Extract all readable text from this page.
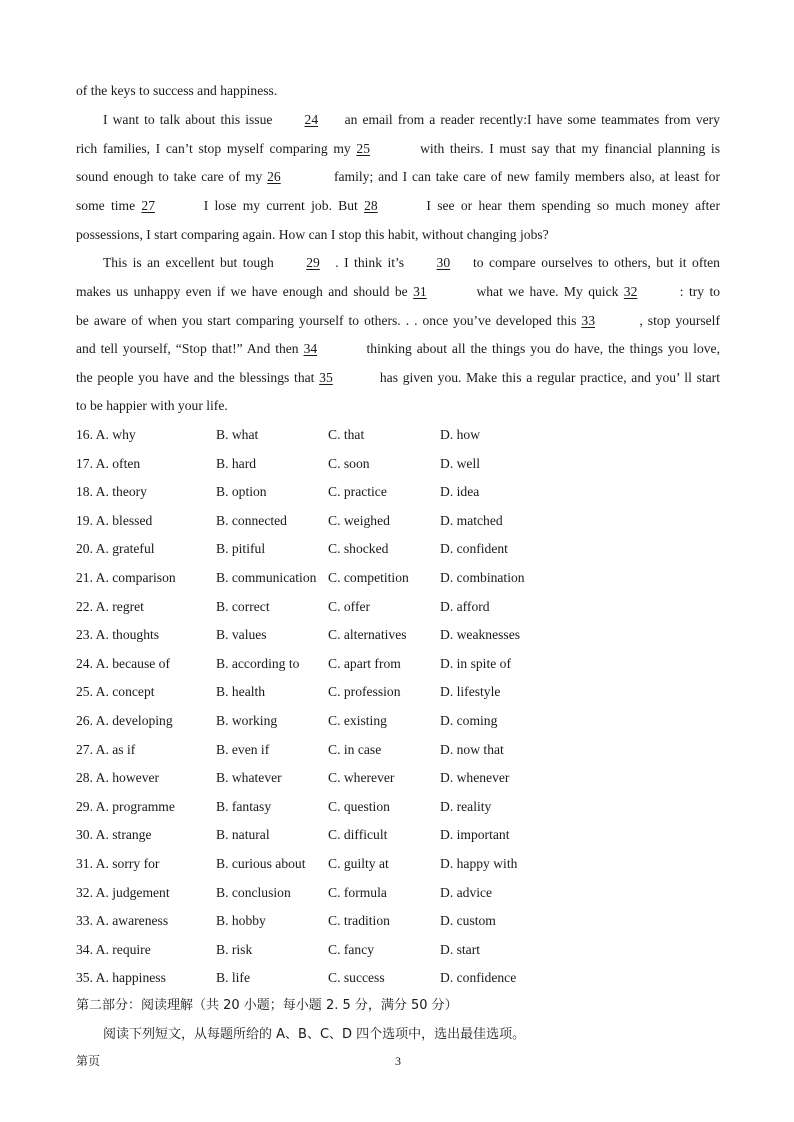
of the keys to success and happiness.
I want to talk about this issue 24 an email from a reader recently:I have some teammates from very
rich families, I can’t stop myself comparing my 25	with theirs. I must say that my financial planning is
sound enough to take care of my 26	family; and I can take care of new family members also, at least for
some time 27	I lose my current job. But 28	I see or hear them spending so much money after
possessions, I start comparing again. How can I stop this habit, without changing jobs?
This is an excellent but tough 29 . I think it’s 30 to compare ourselves to others, but it often
makes us unhappy even if we have enough and should be 31	what we have. My quick 32	: try to
be aware of when you start comparing yourself to others. . . once you’ve developed this 33	, stop yourself
and tell yourself, “Stop that!” And then 34	thinking about all the things you do have, the things you love,
the people you have and the blessings that 35	has given you. Make this a regular practice, and you’ ll start
to be happier with your life.
16. A. why	B. what	C. that	D. how
17. A. often	B. hard	C. soon	D. well
18. A. theory	B. option	C. practice	D. idea
19. A. blessed	B. connected	C. weighed	D. matched
20. A. grateful	B. pitiful	C. shocked	D. confident
21. A. comparison	B. communication C. competition D. combination
22. A. regret	B. correct	C. offer	D. afford
23. A. thoughts	B. values	C. alternatives D. weaknesses
24. A. because of	B. according to C. apart from	D. in spite of
25. A. concept	B. health	C. profession	D. lifestyle
26. A. developing	B. working	C. existing	D. coming
27. A. as if	B. even if	C. in case	D. now that
28. A. however	B. whatever	C. wherever	D. whenever
29. A. programme	B. fantasy	C. question	D. reality
30. A. strange	B. natural	C. difficult	D. important
31. A. sorry for	B. curious about C. guilty at	D. happy with
32. A. judgement	B. conclusion	C. formula	D. advice
33. A. awareness	B. hobby	C. tradition	D. custom
34. A. require	B. risk	C. fancy	D. start
35. A. happiness	B. life	C. success	D. confidence
第二部分：阅读理解（共 20 小题；每小题 2. 5 分，满分 50 分）
阅读下列短文，从每题所给的 A、B、C、D 四个选项中，选出最佳选项。
第页	3
